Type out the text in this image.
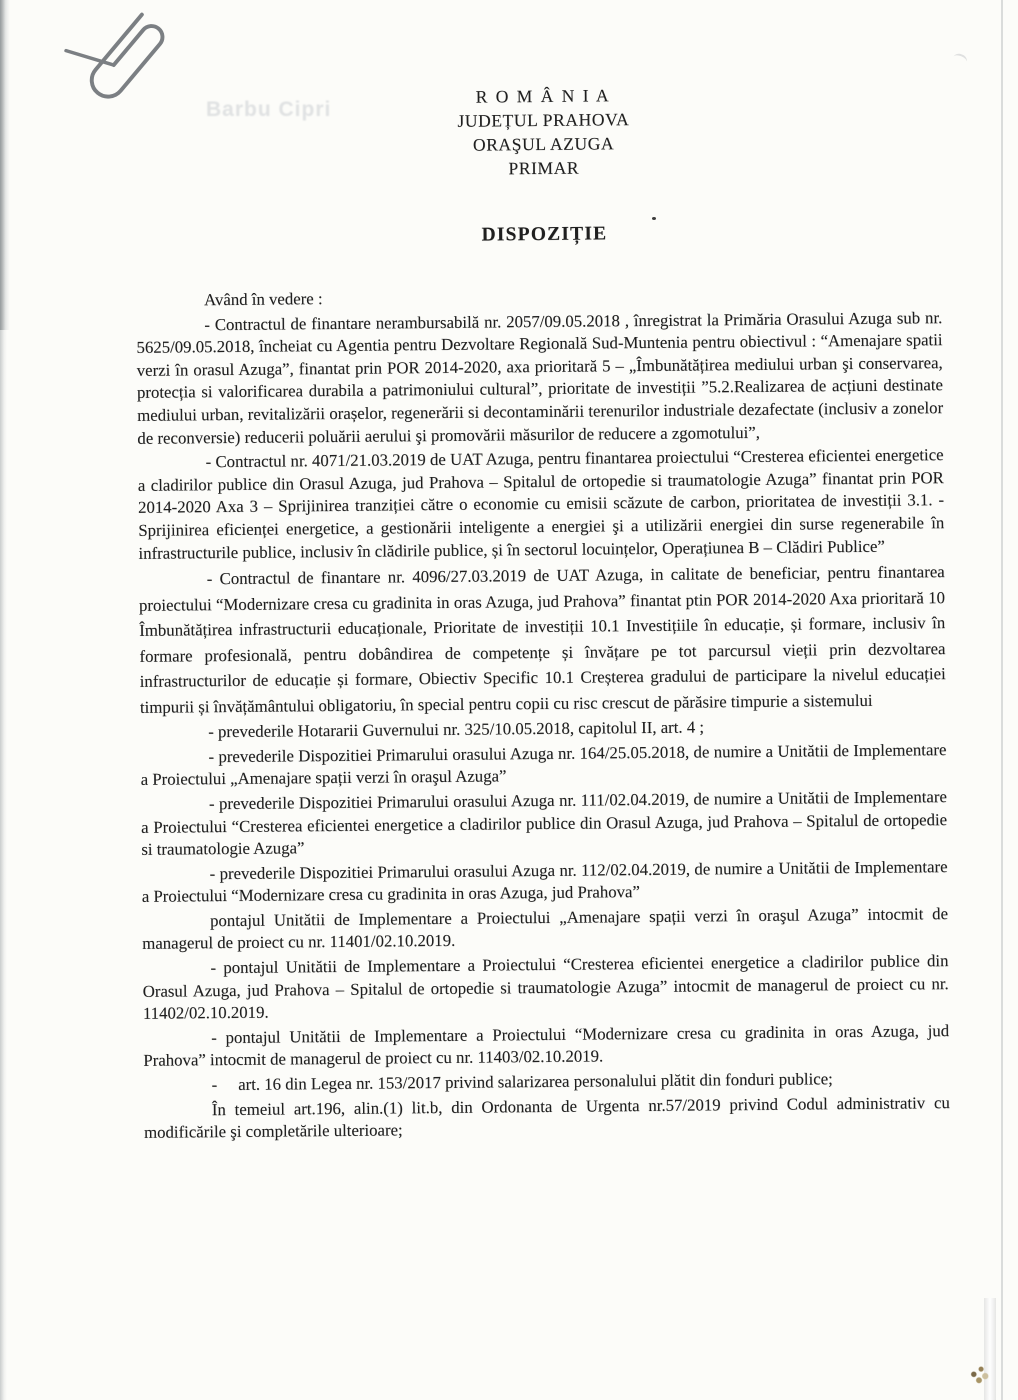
Barbu Cipri
R O M Â N I A
JUDEȚUL PRAHOVA
ORAŞUL AZUGA
PRIMAR
DISPOZIȚIE

Având în vedere :

- Contractul de finantare nerambursabilă nr. 2057/09.05.2018 , înregistrat la Primăria Orasului Azuga sub nr. 5625/09.05.2018, încheiat cu Agentia pentru Dezvoltare Regională Sud-Muntenia pentru obiectivul : “Amenajare spatii verzi în orasul Azuga”, finantat prin POR 2014-2020, axa prioritară 5 – „Îmbunătățirea mediului urban şi conservarea, protecția si valorificarea durabila a patrimoniului cultural”, prioritate de investiții ”5.2.Realizarea de acțiuni destinate mediului urban, revitalizării orașelor, regenerării si decontaminării terenurilor industriale dezafectate (inclusiv a zonelor de reconversie) reducerii poluării aerului şi promovării măsurilor de reducere a zgomotului”,

- Contractul nr. 4071/21.03.2019 de UAT Azuga, pentru finantarea proiectului “Cresterea eficientei energetice a cladirilor publice din Orasul Azuga, jud Prahova – Spitalul de ortopedie si traumatologie Azuga” finantat prin POR 2014-2020 Axa 3 – Sprijinirea tranziției către o economie cu emisii scăzute de carbon, prioritatea de investiții 3.1. - Sprijinirea eficienței energetice, a gestionării inteligente a energiei şi a utilizării energiei din surse regenerabile în infrastructurile publice, inclusiv în clădirile publice, și în sectorul locuințelor, Operațiunea B – Clădiri Publice”

- Contractul de finantare nr. 4096/27.03.2019 de UAT Azuga, in calitate de beneficiar, pentru finantarea proiectului “Modernizare cresa cu gradinita in oras Azuga, jud Prahova” finantat ptin POR 2014-2020 Axa prioritară 10 Îmbunătățirea infrastructurii educaționale, Prioritate de investiții 10.1 Investițiile în educație, și formare, inclusiv în formare profesională, pentru dobândirea de competențe și învățare pe tot parcursul vieții prin dezvoltarea infrastructurilor de educație și formare, Obiectiv Specific 10.1 Creșterea gradului de participare la nivelul educației timpurii și învățământului obligatoriu, în special pentru copii cu risc crescut de părăsire timpurie a sistemului

- prevederile Hotararii Guvernului nr. 325/10.05.2018, capitolul II, art. 4 ;

- prevederile Dispozitiei Primarului orasului Azuga nr. 164/25.05.2018, de numire a Unitătii de Implementare a Proiectului „Amenajare spații verzi în oraşul Azuga”

- prevederile Dispozitiei Primarului orasului Azuga nr. 111/02.04.2019, de numire a Unitătii de Implementare a Proiectului “Cresterea eficientei energetice a cladirilor publice din Orasul Azuga, jud Prahova – Spitalul de ortopedie si traumatologie Azuga”

- prevederile Dispozitiei Primarului orasului Azuga nr. 112/02.04.2019, de numire a Unitătii de Implementare a Proiectului “Modernizare cresa cu gradinita in oras Azuga, jud Prahova”

pontajul Unitătii de Implementare a Proiectului „Amenajare spații verzi în oraşul Azuga” intocmit de managerul de proiect cu nr. 11401/02.10.2019.

- pontajul Unitătii de Implementare a Proiectului “Cresterea eficientei energetice a cladirilor publice din Orasul Azuga, jud Prahova – Spitalul de ortopedie si traumatologie Azuga” intocmit de managerul de proiect cu nr. 11402/02.10.2019.

- pontajul Unitătii de Implementare a Proiectului “Modernizare cresa cu gradinita in oras Azuga, jud Prahova” intocmit de managerul de proiect cu nr. 11403/02.10.2019.

-     art. 16 din Legea nr. 153/2017 privind salarizarea personalului plătit din fonduri publice;

În temeiul art.196, alin.(1) lit.b, din Ordonanta de Urgenta nr.57/2019 privind Codul administrativ cu modificările şi completările ulterioare;
